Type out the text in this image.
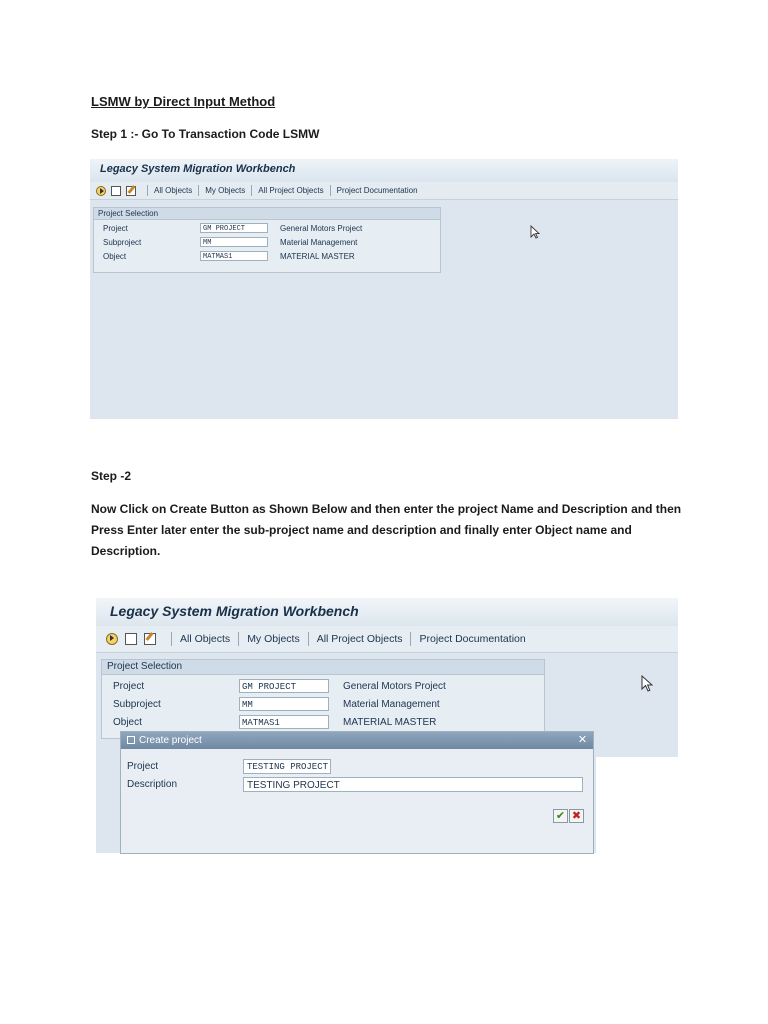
LSMW by Direct Input Method

Step 1 :- Go To Transaction Code LSMW

Legacy System Migration Workbench
All Objects My Objects All Project Objects Project Documentation
Project Selection
Project	GM PROJECT	General Motors Project
Subproject	MM	Material Management
Object	MATMAS1	MATERIAL MASTER

Step -2

Now Click on Create Button as Shown Below and then enter the project Name and Description and then Press Enter later enter the sub-project name and description and finally enter Object name and Description.

Legacy System Migration Workbench
All Objects My Objects All Project Objects Project Documentation
Project Selection
Project	GM PROJECT	General Motors Project
Subproject	MM	Material Management
Object	MATMAS1	MATERIAL MASTER
Create project	✕
Project	TESTING PROJECT
Description	TESTING PROJECT
✔ ✖
